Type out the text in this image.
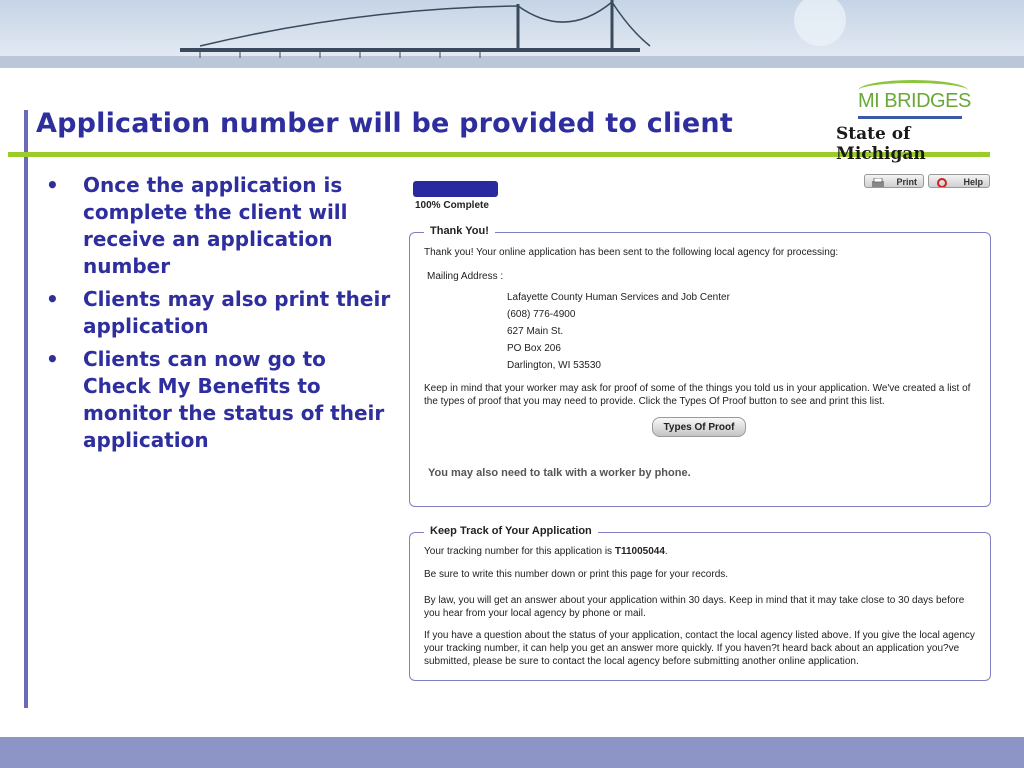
Application number will be provided to client
MI BRIDGES
State of Michigan
• Once the application is complete the client will receive an application number
• Clients may also print their application
• Clients can now go to Check My Benefits to monitor the status of their application
100% Complete
Print	Help
Thank You!
Thank you! Your online application has been sent to the following local agency for processing:
Mailing Address :
Lafayette County Human Services and Job Center
(608) 776-4900
627 Main St.
PO Box 206
Darlington, WI 53530
Keep in mind that your worker may ask for proof of some of the things you told us in your application. We've created a list of
the types of proof that you may need to provide. Click the Types Of Proof button to see and print this list.
Types Of Proof
You may also need to talk with a worker by phone.
Keep Track of Your Application
Your tracking number for this application is T11005044.
Be sure to write this number down or print this page for your records.
By law, you will get an answer about your application within 30 days. Keep in mind that it may take close to 30 days before
you hear from your local agency by phone or mail.
If you have a question about the status of your application, contact the local agency listed above. If you give the local agency
your tracking number, it can help you get an answer more quickly. If you haven?t heard back about an application you?ve
submitted, please be sure to contact the local agency before submitting another online application.
